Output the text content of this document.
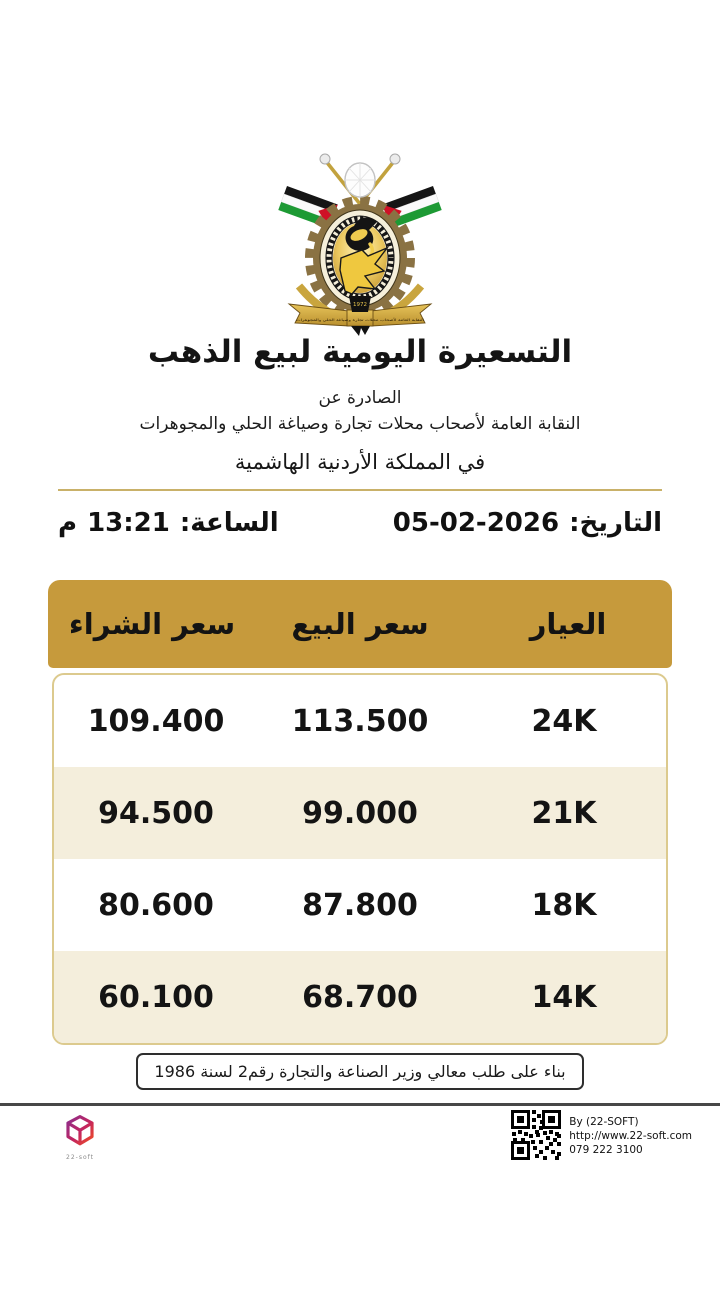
1972
النقابة العامة لأصحاب محلات تجارة وصياغة الحلي والمجوهرات
التسعيرة اليومية لبيع الذهب
الصادرة عن
النقابة العامة لأصحاب محلات تجارة وصياغة الحلي والمجوهرات
في المملكة الأردنية الهاشمية
التاريخ:
05-02-2026
الساعة:
13:21
م
العيار
سعر البيع
سعر الشراء
24K
113.500
109.400
21K
99.000
94.500
18K
87.800
80.600
14K
68.700
60.100
بناء على طلب معالي وزير الصناعة والتجارة رقم2 لسنة 1986
22-soft
By (22-SOFT)
http://www.22-soft.com
079 222 3100
